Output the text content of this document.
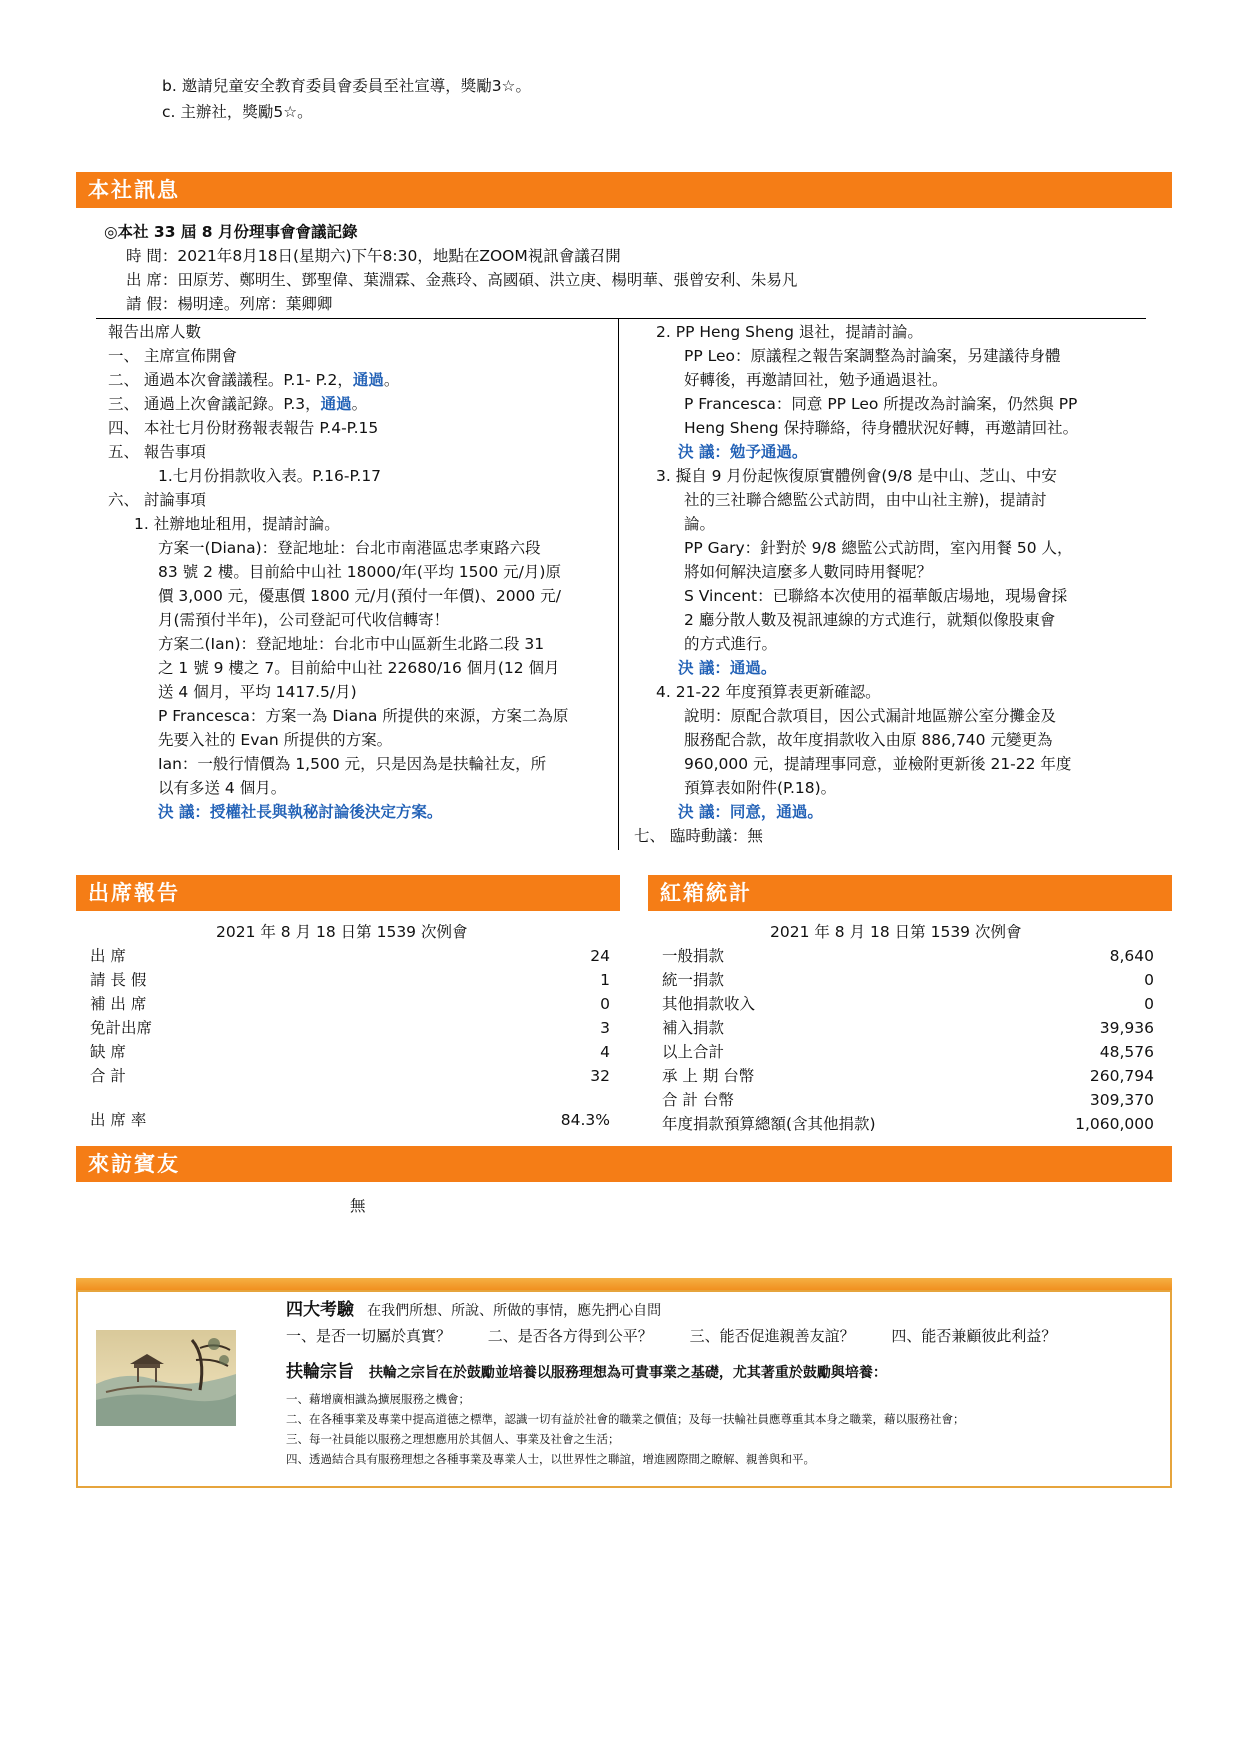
b. 邀請兒童安全教育委員會委員至社宣導，獎勵3☆。
c. 主辦社，獎勵5☆。
本社訊息
◎本社 33 屆 8 月份理事會會議記錄
時 間：2021年8月18日(星期六)下午8:30，地點在ZOOM視訊會議召開
出 席：田原芳、鄭明生、鄧聖偉、葉淵霖、金燕玲、高國碩、洪立庚、楊明華、張曾安利、朱易凡
請 假：楊明達。列席：葉卿卿
報告出席人數
一、 主席宣佈開會
二、 通過本次會議議程。P.1- P.2，通過。
三、 通過上次會議記錄。P.3，通過。
四、 本社七月份財務報表報告 P.4-P.15
五、 報告事項
1.七月份捐款收入表。P.16-P.17
六、 討論事項
1. 社辦地址租用，提請討論。
方案一(Diana)：登記地址：台北市南港區忠孝東路六段
83 號 2 樓。目前給中山社 18000/年(平均 1500 元/月)原
價 3,000 元，優惠價 1800 元/月(預付一年價)、2000 元/
月(需預付半年)，公司登記可代收信轉寄！
方案二(Ian)：登記地址：台北市中山區新生北路二段 31
之 1 號 9 樓之 7。目前給中山社 22680/16 個月(12 個月
送 4 個月，平均 1417.5/月)
P Francesca：方案一為 Diana 所提供的來源，方案二為原
先要入社的 Evan 所提供的方案。
Ian：一般行情價為 1,500 元，只是因為是扶輪社友，所
以有多送 4 個月。
決 議：授權社長與執秘討論後決定方案。
2. PP Heng Sheng 退社，提請討論。
PP Leo：原議程之報告案調整為討論案，另建議待身體
好轉後，再邀請回社，勉予通過退社。
P Francesca：同意 PP Leo 所提改為討論案，仍然與 PP
Heng Sheng 保持聯絡，待身體狀況好轉，再邀請回社。
決 議：勉予通過。
3. 擬自 9 月份起恢復原實體例會(9/8 是中山、芝山、中安
社的三社聯合總監公式訪問，由中山社主辦)，提請討
論。
PP Gary：針對於 9/8 總監公式訪問，室內用餐 50 人，
將如何解決這麼多人數同時用餐呢？
S Vincent：已聯絡本次使用的福華飯店場地，現場會採
2 廳分散人數及視訊連線的方式進行，就類似像股東會
的方式進行。
決 議：通過。
4. 21-22 年度預算表更新確認。
說明：原配合款項目，因公式漏計地區辦公室分攤金及
服務配合款，故年度捐款收入由原 886,740 元變更為
960,000 元，提請理事同意，並檢附更新後 21-22 年度
預算表如附件(P.18)。
決 議：同意，通過。
七、 臨時動議：無
出席報告	紅箱統計
2021 年 8 月 18 日第 1539 次例會
出 席	24
請 長 假	1
補 出 席	0
免計出席	3
缺 席	4
合 計	32
出 席 率	84.3%
2021 年 8 月 18 日第 1539 次例會
一般捐款	8,640
統一捐款	0
其他捐款收入	0
補入捐款	39,936
以上合計	48,576
承 上 期 台幣	260,794
合 計 台幣	309,370
年度捐款預算總額(含其他捐款)	1,060,000
來訪賓友
無
四大考驗 在我們所想、所說、所做的事情，應先捫心自問
一、是否一切屬於真實？ 二、是否各方得到公平？ 三、能否促進親善友誼？ 四、能否兼顧彼此利益？
扶輪宗旨 扶輪之宗旨在於鼓勵並培養以服務理想為可貴事業之基礎，尤其著重於鼓勵與培養：
一、藉增廣相識為擴展服務之機會；
二、在各種事業及專業中提高道德之標準，認識一切有益於社會的職業之價值；及每一扶輪社員應尊重其本身之職業，藉以服務社會；
三、每一社員能以服務之理想應用於其個人、事業及社會之生活；
四、透過結合具有服務理想之各種事業及專業人士，以世界性之聯誼，增進國際間之瞭解、親善與和平。
